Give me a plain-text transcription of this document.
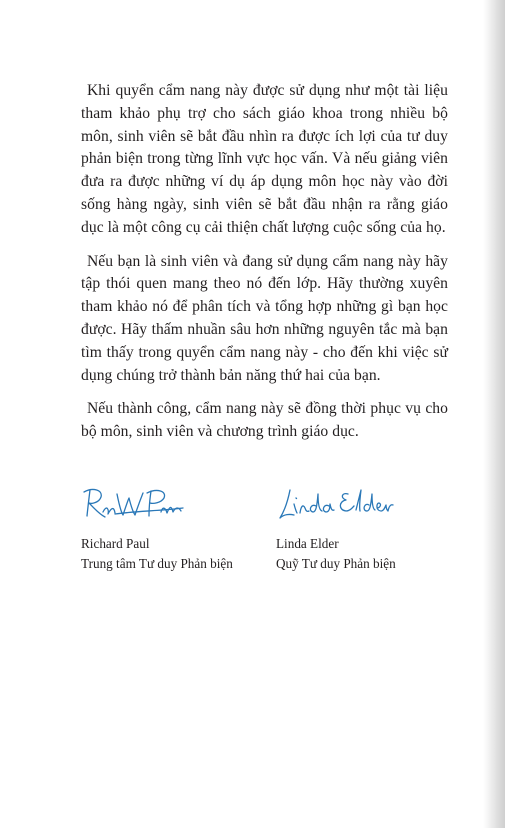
Khi quyển cẩm nang này được sử dụng như một tài liệu tham khảo phụ trợ cho sách giáo khoa trong nhiều bộ môn, sinh viên sẽ bắt đầu nhìn ra được ích lợi của tư duy phản biện trong từng lĩnh vực học vấn. Và nếu giảng viên đưa ra được những ví dụ áp dụng môn học này vào đời sống hàng ngày, sinh viên sẽ bắt đầu nhận ra rằng giáo dục là một công cụ cải thiện chất lượng cuộc sống của họ.

Nếu bạn là sinh viên và đang sử dụng cẩm nang này hãy tập thói quen mang theo nó đến lớp. Hãy thường xuyên tham khảo nó để phân tích và tổng hợp những gì bạn học được. Hãy thấm nhuần sâu hơn những nguyên tắc mà bạn tìm thấy trong quyển cẩm nang này - cho đến khi việc sử dụng chúng trở thành bản năng thứ hai của bạn.

Nếu thành công, cẩm nang này sẽ đồng thời phục vụ cho bộ môn, sinh viên và chương trình giáo dục.

Richard Paul
Trung tâm Tư duy Phản biện
Linda Elder
Quỹ Tư duy Phản biện
